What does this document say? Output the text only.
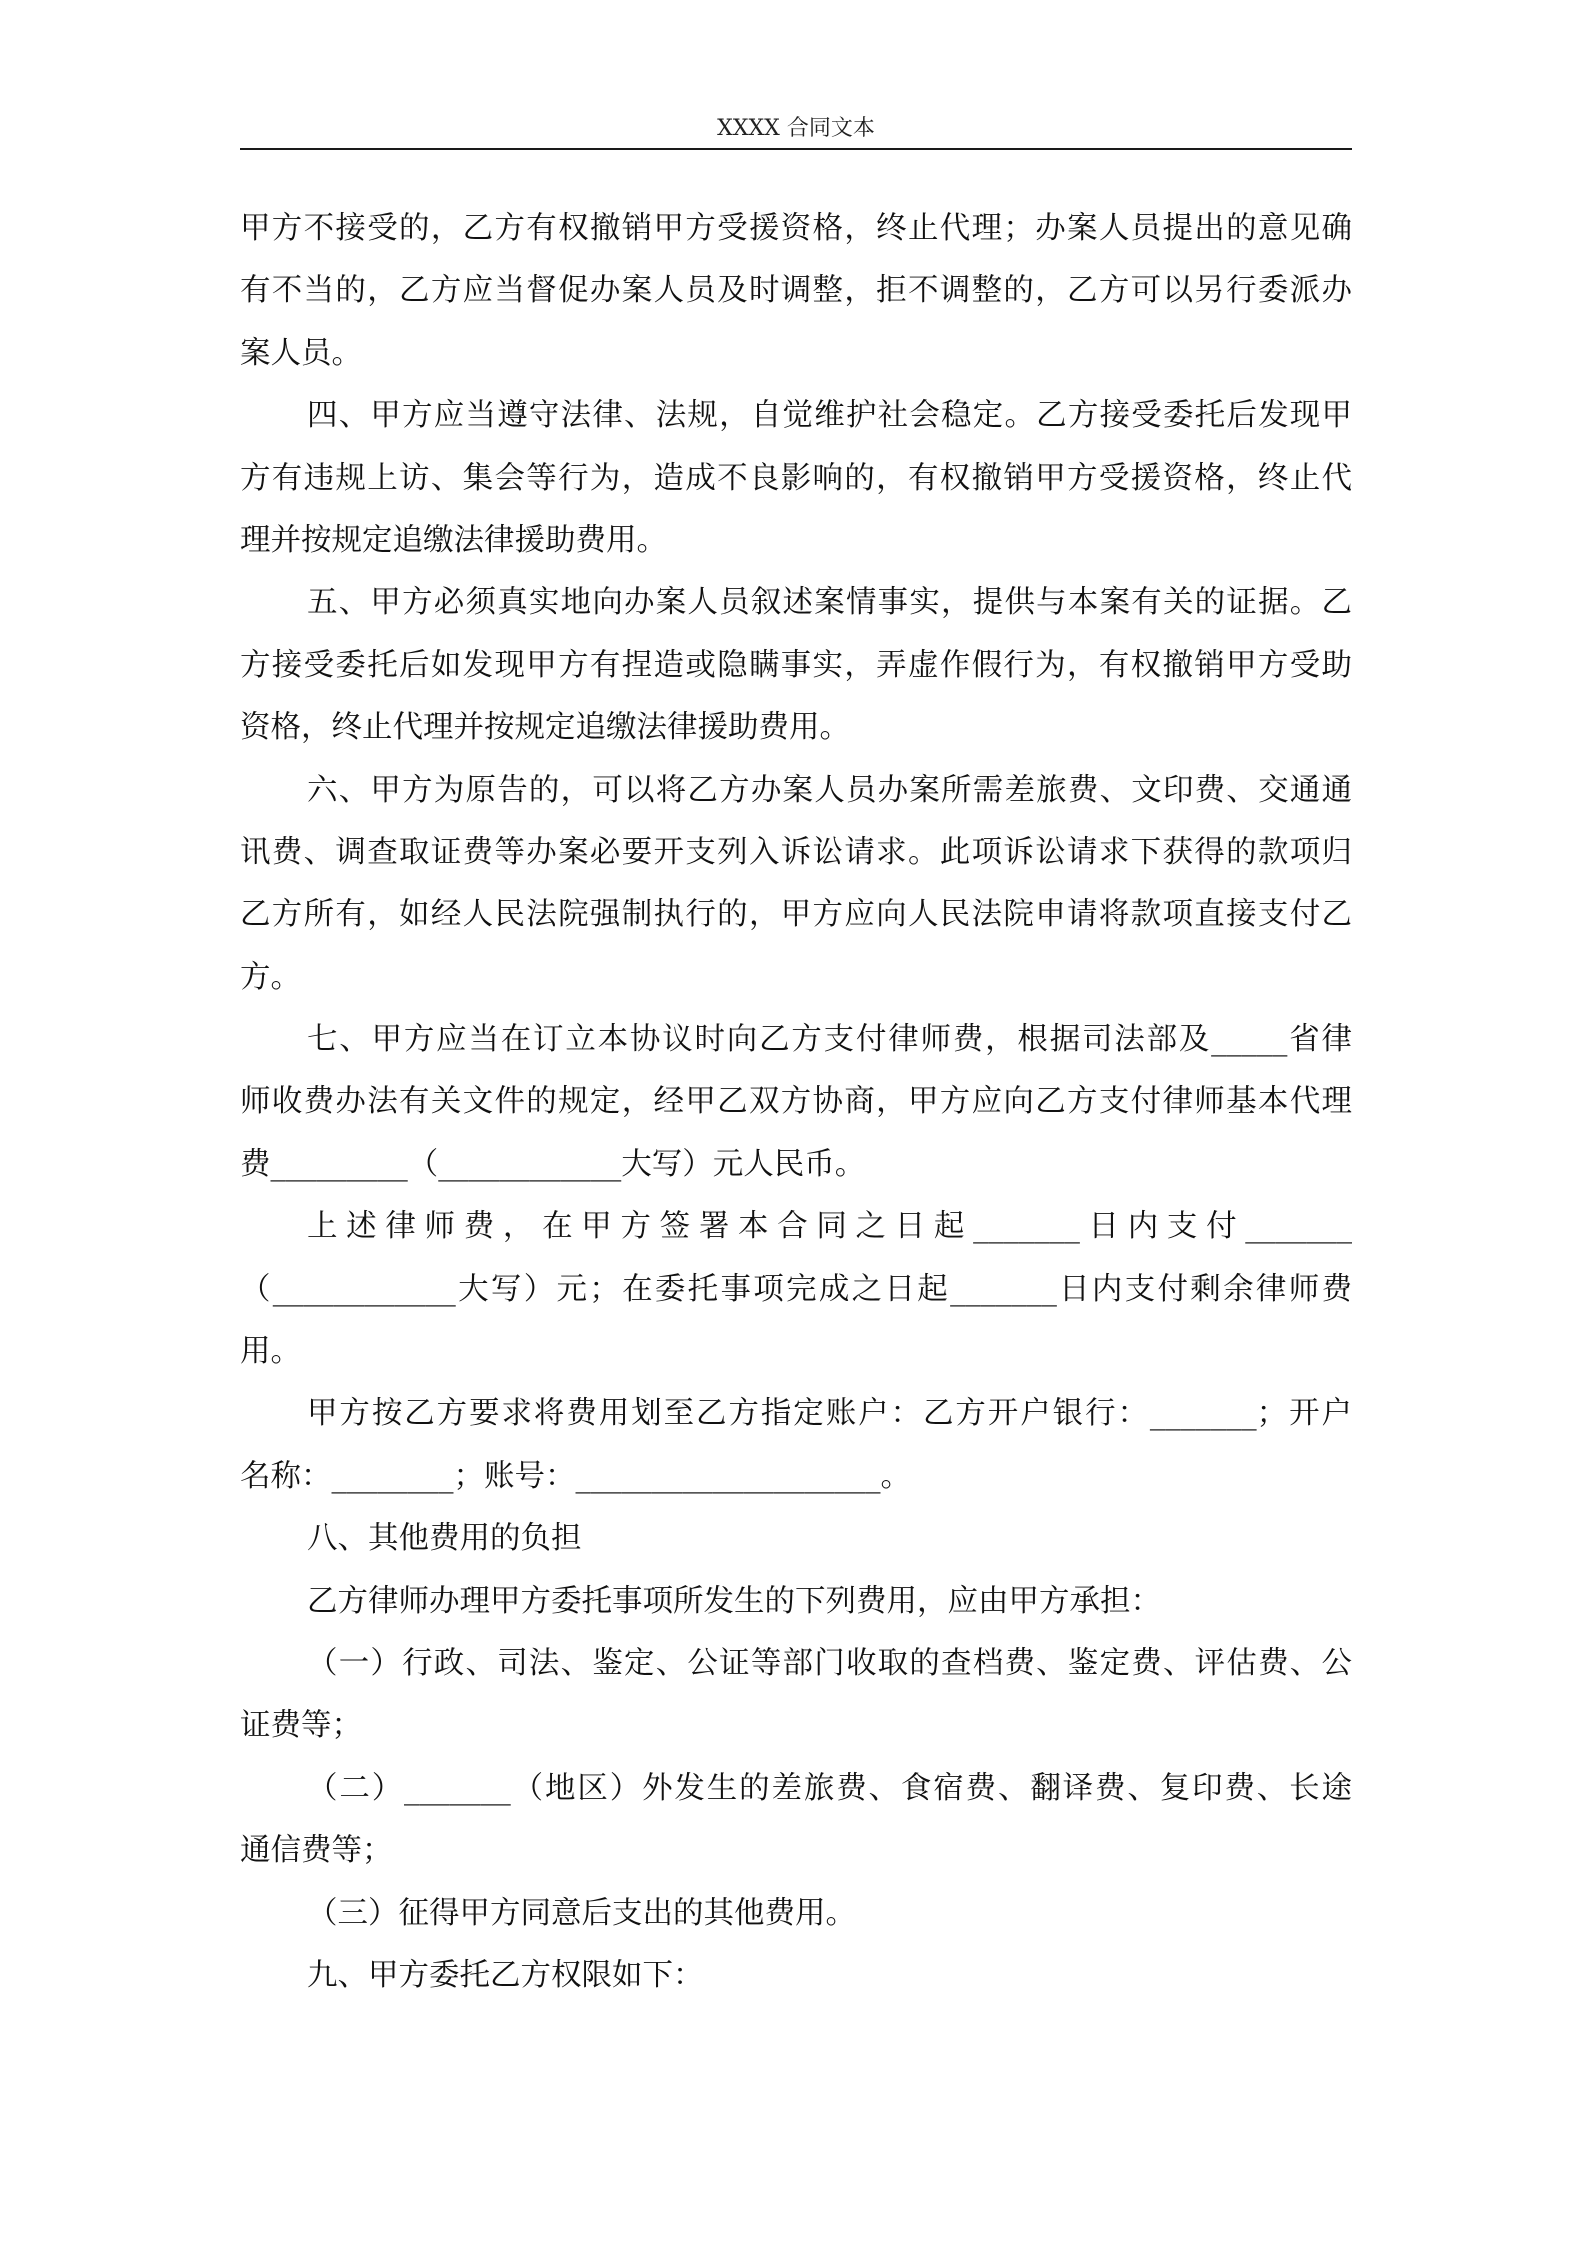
XXXX 合同文本
甲方不接受的，乙方有权撤销甲方受援资格，终止代理；办案人员提出的意见确
有不当的，乙方应当督促办案人员及时调整，拒不调整的，乙方可以另行委派办
案人员。
四、甲方应当遵守法律、法规，自觉维护社会稳定。乙方接受委托后发现甲
方有违规上访、集会等行为，造成不良影响的，有权撤销甲方受援资格，终止代
理并按规定追缴法律援助费用。
五、甲方必须真实地向办案人员叙述案情事实，提供与本案有关的证据。乙
方接受委托后如发现甲方有捏造或隐瞒事实，弄虚作假行为，有权撤销甲方受助
资格，终止代理并按规定追缴法律援助费用。
六、甲方为原告的，可以将乙方办案人员办案所需差旅费、文印费、交通通
讯费、调查取证费等办案必要开支列入诉讼请求。此项诉讼请求下获得的款项归
乙方所有，如经人民法院强制执行的，甲方应向人民法院申请将款项直接支付乙
方。
七、甲方应当在订立本协议时向乙方支付律师费，根据司法部及_____省律
师收费办法有关文件的规定，经甲乙双方协商，甲方应向乙方支付律师基本代理
费_________（____________大写）元人民币。
上述律师费，在甲方签署本合同之日起_______日内支付_______
（____________大写）元；在委托事项完成之日起_______日内支付剩余律师费
用。
甲方按乙方要求将费用划至乙方指定账户：乙方开户银行：_______；开户
名称：________；账号：____________________。
八、其他费用的负担
乙方律师办理甲方委托事项所发生的下列费用，应由甲方承担：
（一）行政、司法、鉴定、公证等部门收取的查档费、鉴定费、评估费、公
证费等；
（二）_______（地区）外发生的差旅费、食宿费、翻译费、复印费、长途
通信费等；
（三）征得甲方同意后支出的其他费用。
九、甲方委托乙方权限如下：
